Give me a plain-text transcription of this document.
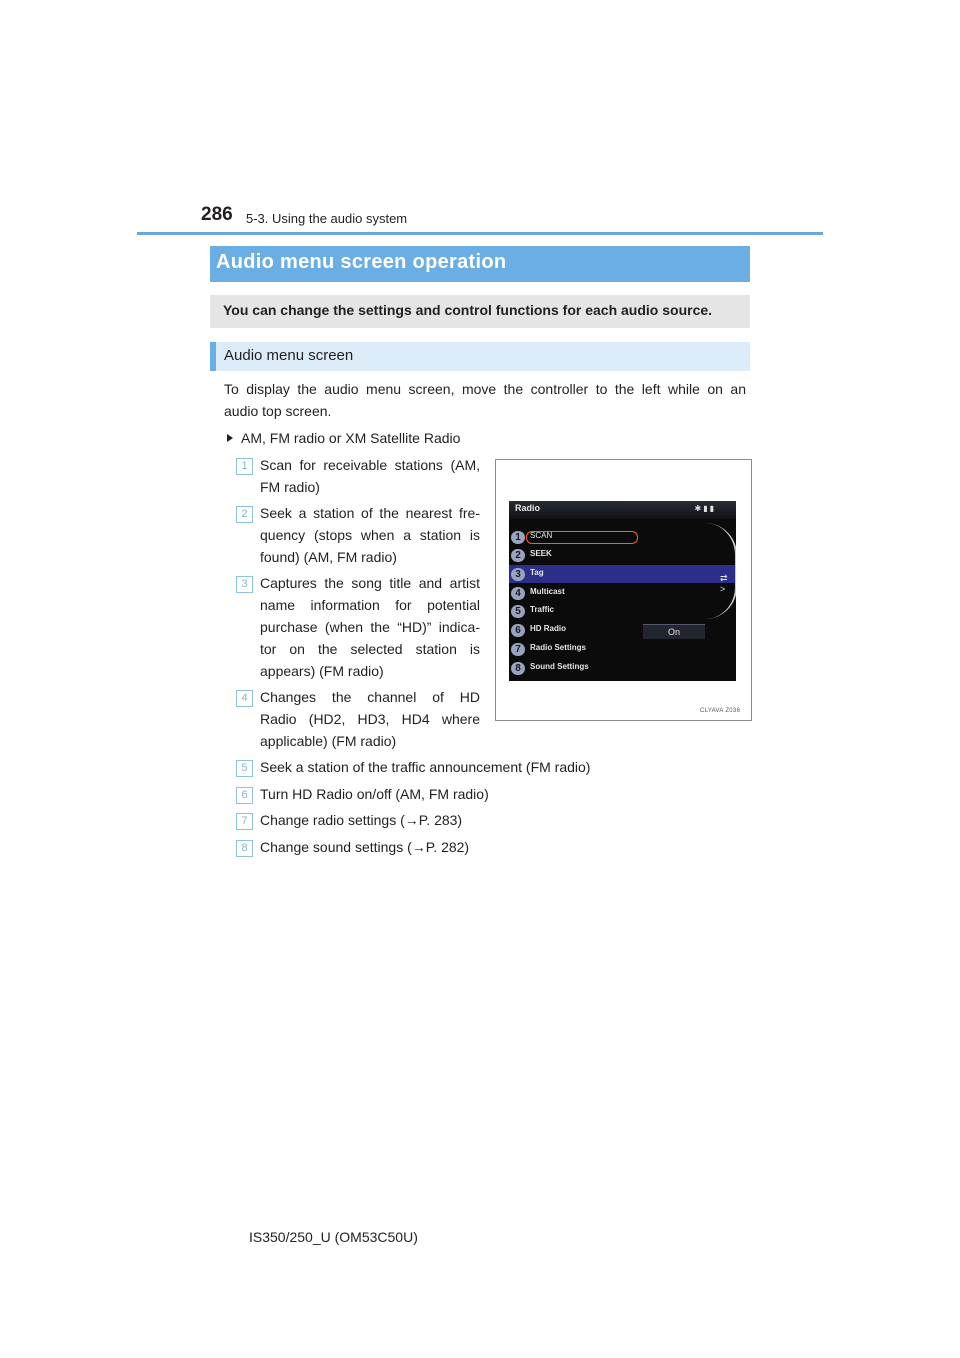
286 5-3. Using the audio system
Audio menu screen operation
You can change the settings and control functions for each audio source.
Audio menu screen
To display the audio menu screen, move the controller to the left while on an
audio top screen.
AM, FM radio or XM Satellite Radio
1 Scan for receivable stations (AM,
FM radio)
2 Seek a station of the nearest fre-
quency (stops when a station is
found) (AM, FM radio)
3 Captures the song title and artist
name information for potential
purchase (when the “HD)” indica-
tor on the selected station is
appears) (FM radio)
4 Changes the channel of HD
Radio (HD2, HD3, HD4 where
applicable) (FM radio)
5 Seek a station of the traffic announcement (FM radio)
6 Turn HD Radio on/off (AM, FM radio)
7 Change radio settings (→P. 283)
8 Change sound settings (→P. 282)
Radio	✱▮▮
1	SCAN
2	SEEK
3	Tag
4	Multicast
5	Traffic
6	HD Radio
7	Radio Settings
8	Sound Settings
On
⇄
>
CLYAVA Z036
IS350/250_U (OM53C50U)
